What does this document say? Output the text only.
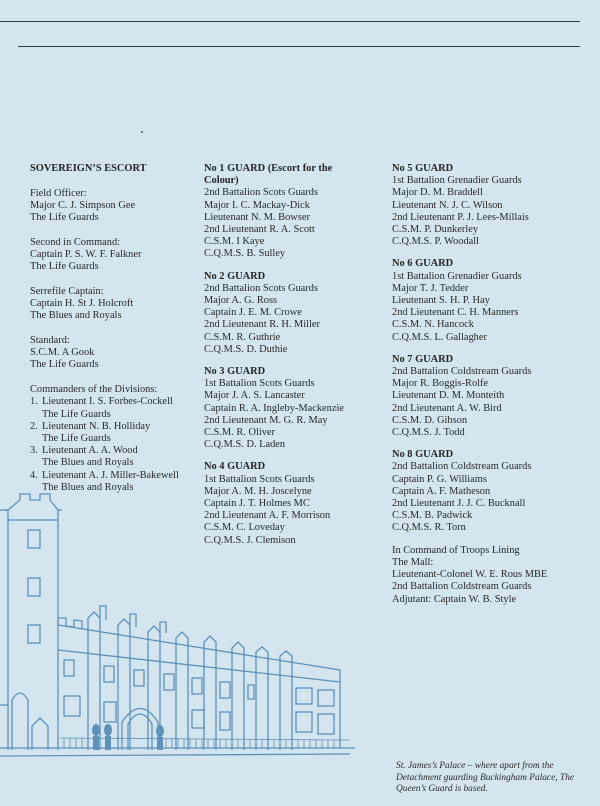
SOVEREIGN’S ESCORT
Field Officer:
Major C. J. Simpson Gee
The Life Guards
Second in Command:
Captain P. S. W. F. Falkner
The Life Guards
Serrefile Captain:
Captain H. St J. Holcroft
The Blues and Royals
Standard:
S.C.M. A Gook
The Life Guards
Commanders of the Divisions:
1. Lieutenant I. S. Forbes-Cockell
The Life Guards
2. Lieutenant N. B. Holliday
The Life Guards
3. Lieutenant A. A. Wood
The Blues and Royals
4. Lieutenant A. J. Miller-Bakewell
The Blues and Royals
No 1 GUARD (Escort for the
Colour)
2nd Battalion Scots Guards
Major I. C. Mackay-Dick
Lieutenant N. M. Bowser
2nd Lieutenant R. A. Scott
C.S.M. I Kaye
C.Q.M.S. B. Sulley
No 2 GUARD
2nd Battalion Scots Guards
Major A. G. Ross
Captain J. E. M. Crowe
2nd Lieutenant R. H. Miller
C.S.M. R. Guthrie
C.Q.M.S. D. Duthie
No 3 GUARD
1st Battalion Scots Guards
Major J. A. S. Lancaster
Captain R. A. Ingleby-Mackenzie
2nd Lieutenant M. G. R. May
C.S.M. R. Oliver
C.Q.M.S. D. Laden
No 4 GUARD
1st Battalion Scots Guards
Major A. M. H. Joscelyne
Captain J. T. Holmes MC
2nd Lieutenant A. F. Morrison
C.S.M. C. Loveday
C.Q.M.S. J. Clemison
No 5 GUARD
1st Battalion Grenadier Guards
Major D. M. Braddell
Lieutenant N. J. C. Wilson
2nd Lieutenant P. J. Lees-Millais
C.S.M. P. Dunkerley
C.Q.M.S. P. Woodall
No 6 GUARD
1st Battalion Grenadier Guards
Major T. J. Tedder
Lieutenant S. H. P. Hay
2nd Lieutenant C. H. Manners
C.S.M. N. Hancock
C.Q.M.S. L. Gallagher
No 7 GUARD
2nd Battalion Coldstream Guards
Major R. Boggis-Rolfe
Lieutenant D. M. Monteith
2nd Lieutenant A. W. Bird
C.S.M. D. Gibson
C.Q.M.S. J. Todd
No 8 GUARD
2nd Battalion Coldstream Guards
Captain P. G. Williams
Captain A. F. Matheson
2nd Lieutenant J. J. C. Bucknall
C.S.M. B. Padwick
C.Q.M.S. R. Torn
In Command of Troops Lining
The Mall:
Lieutenant-Colonel W. E. Rous MBE
2nd Battalion Coldstream Guards
Adjutant: Captain W. B. Style
St. James’s Palace – where apart from the Detachment guarding Buckingham Palace, The Queen’s Guard is based.
